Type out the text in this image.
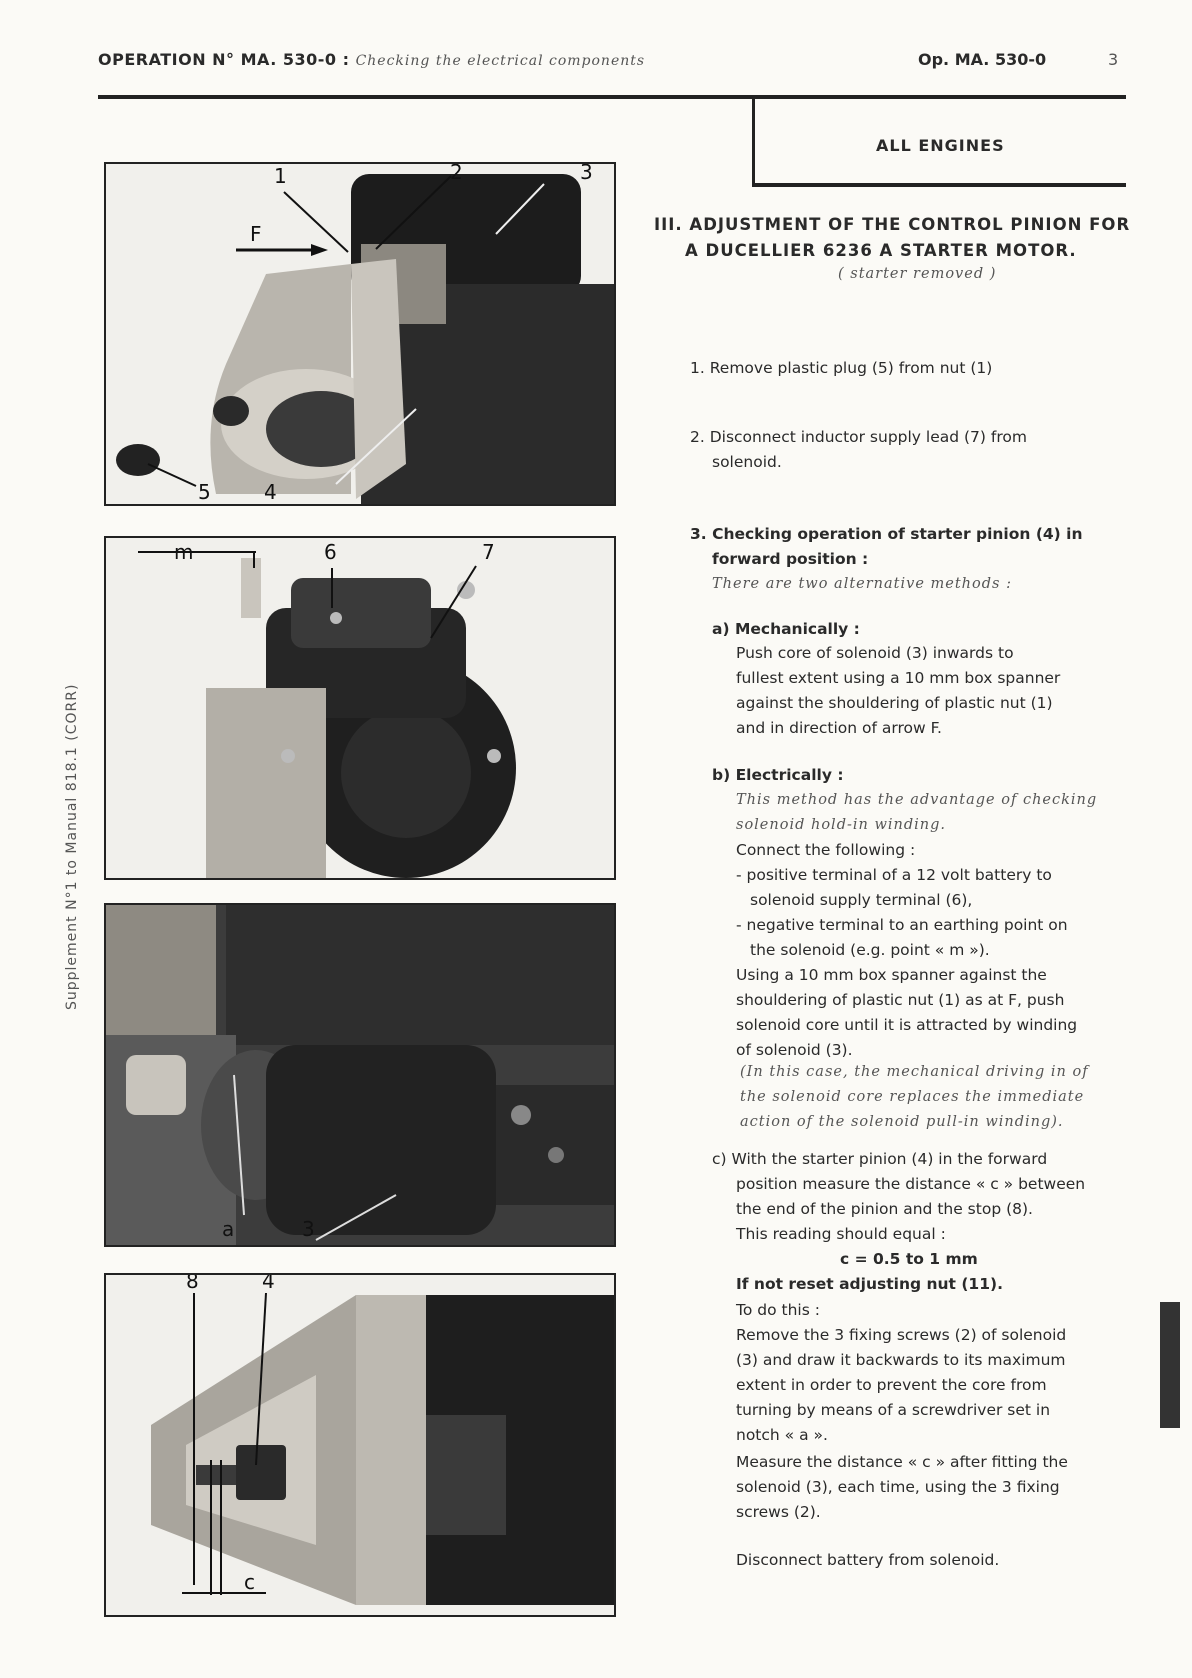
OPERATION N° MA. 530-0 : Checking the electrical components	Op. MA. 530-0	3
ALL ENGINES
Supplement N°1 to Manual 818.1 (CORR)
1	2	3
F
5	4
m	6	7
a	3
8	4
c
III. ADJUSTMENT OF THE CONTROL PINION FOR
A DUCELLIER 6236 A STARTER MOTOR.
( starter removed )
1. Remove plastic plug (5) from nut (1)
2. Disconnect inductor supply lead (7) from
solenoid.
3. Checking operation of starter pinion (4) in
forward position :
There are two alternative methods :
a) Mechanically :
Push core of solenoid (3) inwards to
fullest extent using a 10 mm box spanner
against the shouldering of plastic nut (1)
and in direction of arrow F.
b) Electrically :
This method has the advantage of checking
solenoid hold-in winding.
Connect the following :
- positive terminal of a 12 volt battery to
solenoid supply terminal (6),
- negative terminal to an earthing point on
the solenoid (e.g. point « m »).
Using a 10 mm box spanner against the
shouldering of plastic nut (1) as at F, push
solenoid core until it is attracted by winding
of solenoid (3).
(In this case, the mechanical driving in of
the solenoid core replaces the immediate
action of the solenoid pull-in winding).
c) With the starter pinion (4) in the forward
position measure the distance « c » between
the end of the pinion and the stop (8).
This reading should equal :
c = 0.5 to 1 mm
If not reset adjusting nut (11).
To do this :
Remove the 3 fixing screws (2) of solenoid
(3) and draw it backwards to its maximum
extent in order to prevent the core from
turning by means of a screwdriver set in
notch « a ».
Measure the distance « c » after fitting the
solenoid (3), each time, using the 3 fixing
screws (2).
Disconnect battery from solenoid.
